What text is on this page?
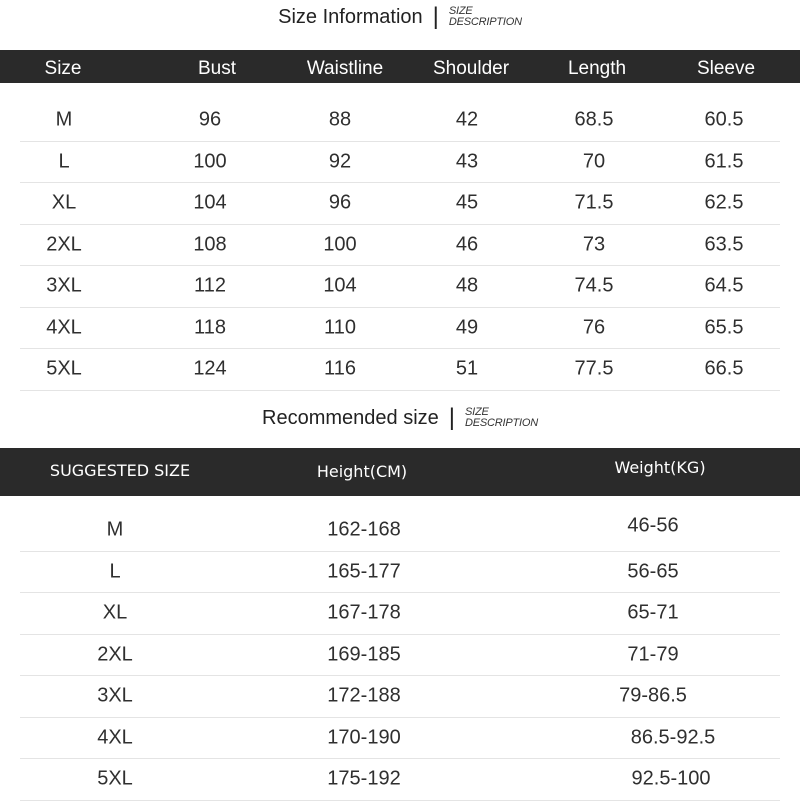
Size Information | SIZE
DESCRIPTION
Size	Bust	Waistline	Shoulder	Length	Sleeve
M	96	88	42	68.5	60.5
L	100	92	43	70	61.5
XL	104	96	45	71.5	62.5
2XL	108	100	46	73	63.5
3XL	112	104	48	74.5	64.5
4XL	118	110	49	76	65.5
5XL	124	116	51	77.5	66.5
Recommended size | SIZE
DESCRIPTION
SUGGESTED SIZE	Height(CM)	Weight(KG)
M	162-168	46-56
L	165-177	56-65
XL	167-178	65-71
2XL	169-185	71-79
3XL	172-188	79-86.5
4XL	170-190	86.5-92.5
5XL	175-192	92.5-100
